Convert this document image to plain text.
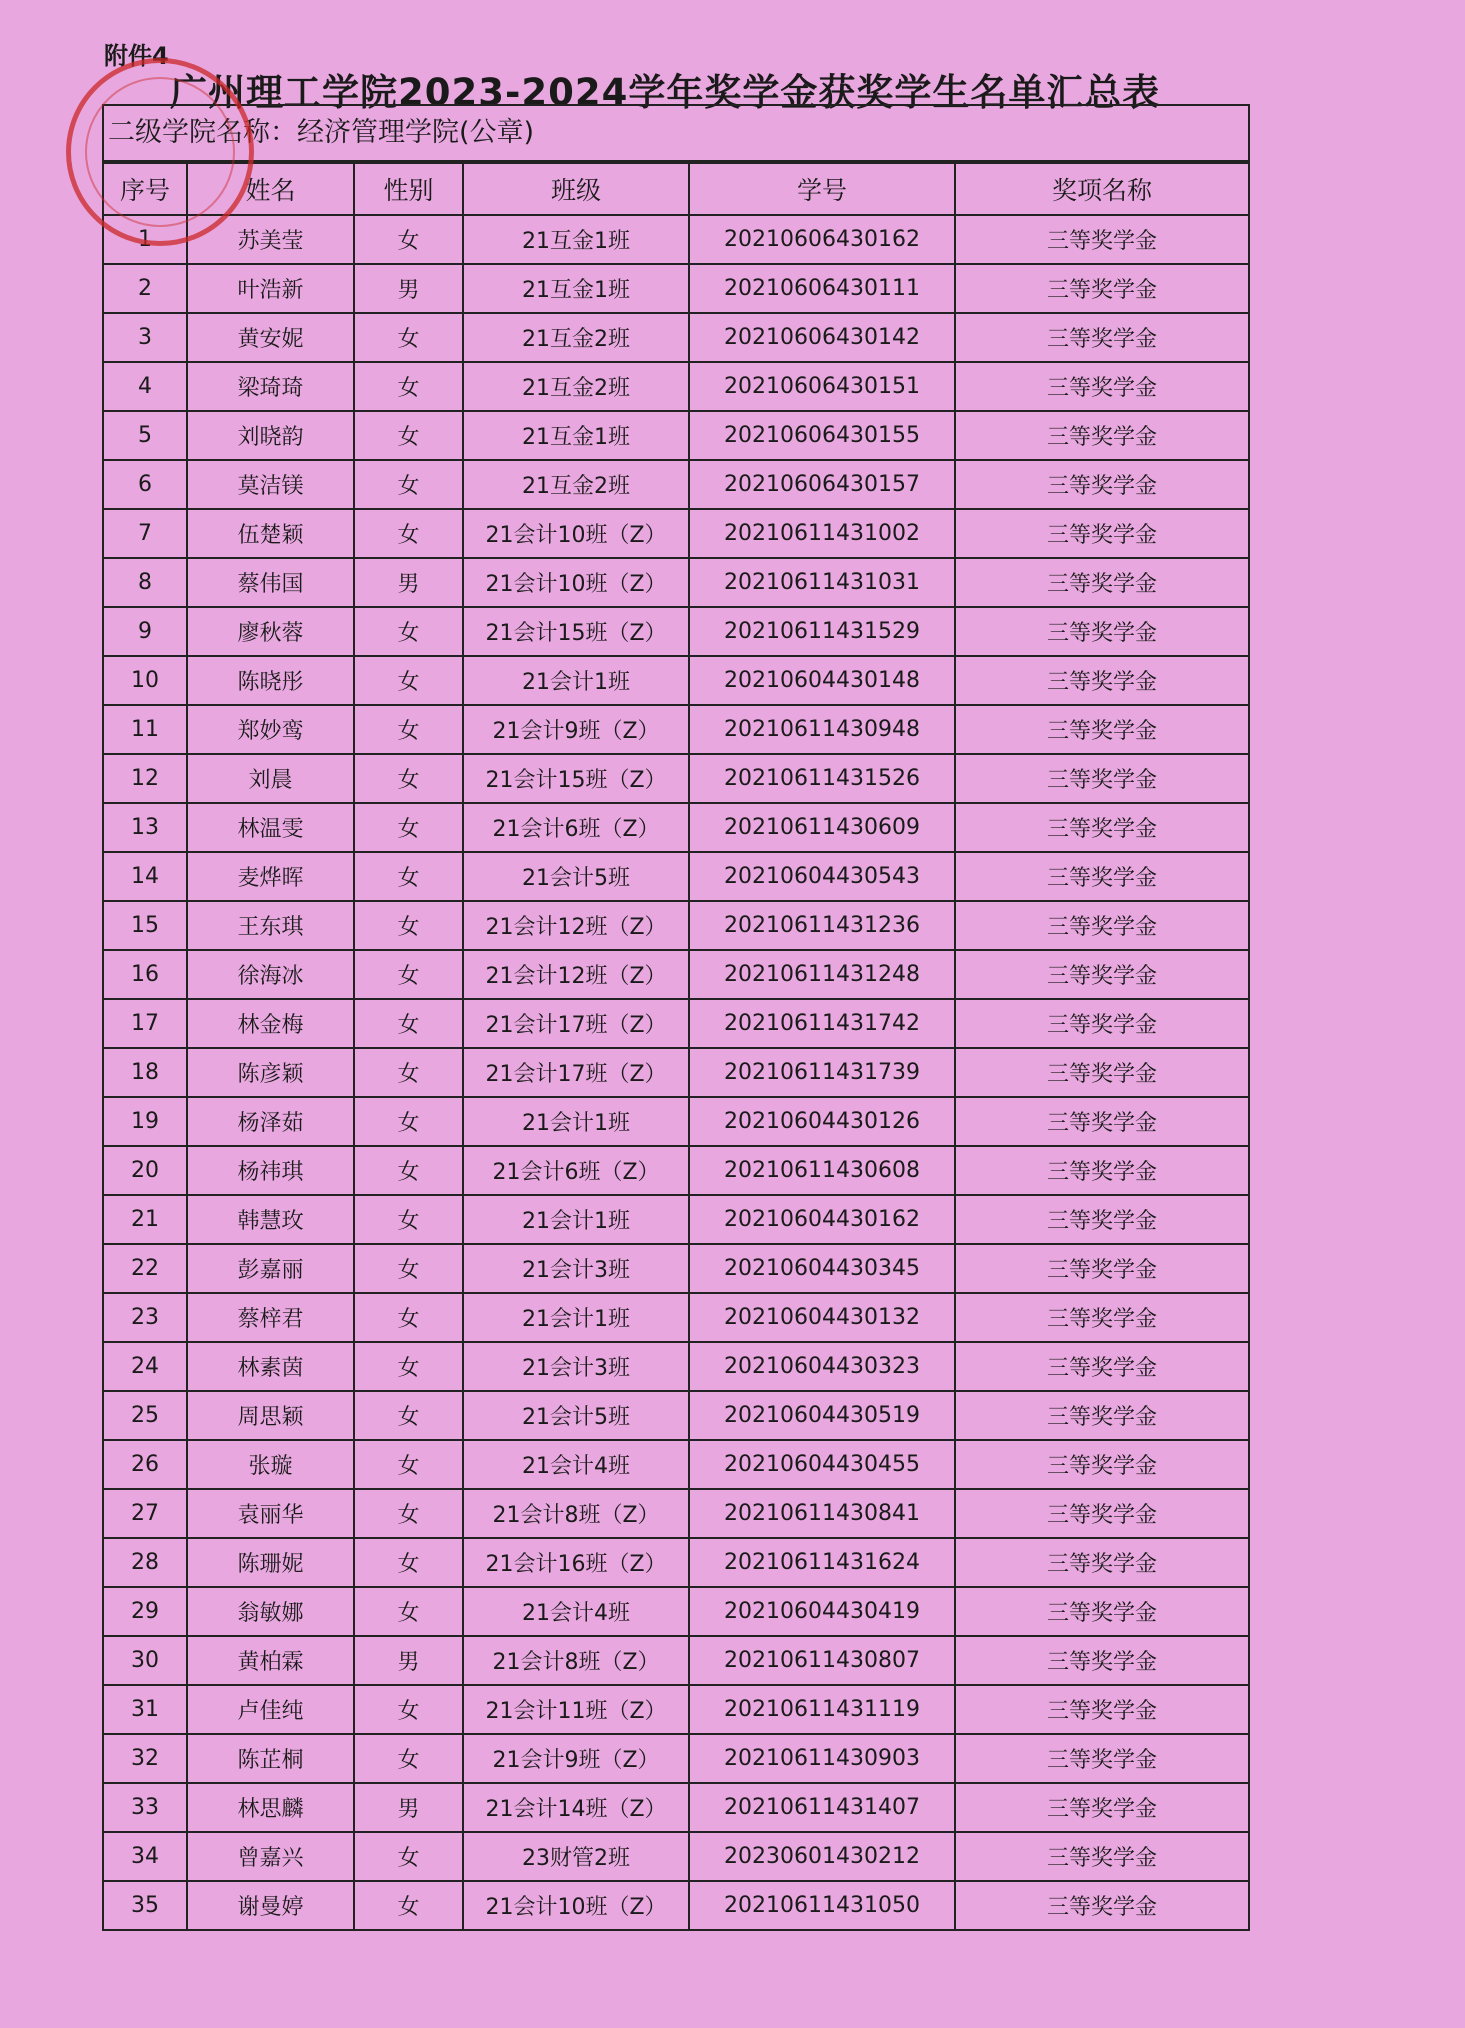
附件4
广州理工学院2023-2024学年奖学金获奖学生名单汇总表
二级学院名称：经济管理学院(公章)
序号	姓名	性别	班级	学号	奖项名称
1	苏美莹	女	21互金1班	20210606430162	三等奖学金
2	叶浩新	男	21互金1班	20210606430111	三等奖学金
3	黄安妮	女	21互金2班	20210606430142	三等奖学金
4	梁琦琦	女	21互金2班	20210606430151	三等奖学金
5	刘晓韵	女	21互金1班	20210606430155	三等奖学金
6	莫洁镁	女	21互金2班	20210606430157	三等奖学金
7	伍楚颖	女	21会计10班（Z）	20210611431002	三等奖学金
8	蔡伟国	男	21会计10班（Z）	20210611431031	三等奖学金
9	廖秋蓉	女	21会计15班（Z）	20210611431529	三等奖学金
10	陈晓彤	女	21会计1班	20210604430148	三等奖学金
11	郑妙鸾	女	21会计9班（Z）	20210611430948	三等奖学金
12	刘晨	女	21会计15班（Z）	20210611431526	三等奖学金
13	林温雯	女	21会计6班（Z）	20210611430609	三等奖学金
14	麦烨晖	女	21会计5班	20210604430543	三等奖学金
15	王东琪	女	21会计12班（Z）	20210611431236	三等奖学金
16	徐海冰	女	21会计12班（Z）	20210611431248	三等奖学金
17	林金梅	女	21会计17班（Z）	20210611431742	三等奖学金
18	陈彦颖	女	21会计17班（Z）	20210611431739	三等奖学金
19	杨泽茹	女	21会计1班	20210604430126	三等奖学金
20	杨祎琪	女	21会计6班（Z）	20210611430608	三等奖学金
21	韩慧玫	女	21会计1班	20210604430162	三等奖学金
22	彭嘉丽	女	21会计3班	20210604430345	三等奖学金
23	蔡梓君	女	21会计1班	20210604430132	三等奖学金
24	林素茵	女	21会计3班	20210604430323	三等奖学金
25	周思颖	女	21会计5班	20210604430519	三等奖学金
26	张璇	女	21会计4班	20210604430455	三等奖学金
27	袁丽华	女	21会计8班（Z）	20210611430841	三等奖学金
28	陈珊妮	女	21会计16班（Z）	20210611431624	三等奖学金
29	翁敏娜	女	21会计4班	20210604430419	三等奖学金
30	黄柏霖	男	21会计8班（Z）	20210611430807	三等奖学金
31	卢佳纯	女	21会计11班（Z）	20210611431119	三等奖学金
32	陈芷桐	女	21会计9班（Z）	20210611430903	三等奖学金
33	林思麟	男	21会计14班（Z）	20210611431407	三等奖学金
34	曾嘉兴	女	23财管2班	20230601430212	三等奖学金
35	谢曼婷	女	21会计10班（Z）	20210611431050	三等奖学金
